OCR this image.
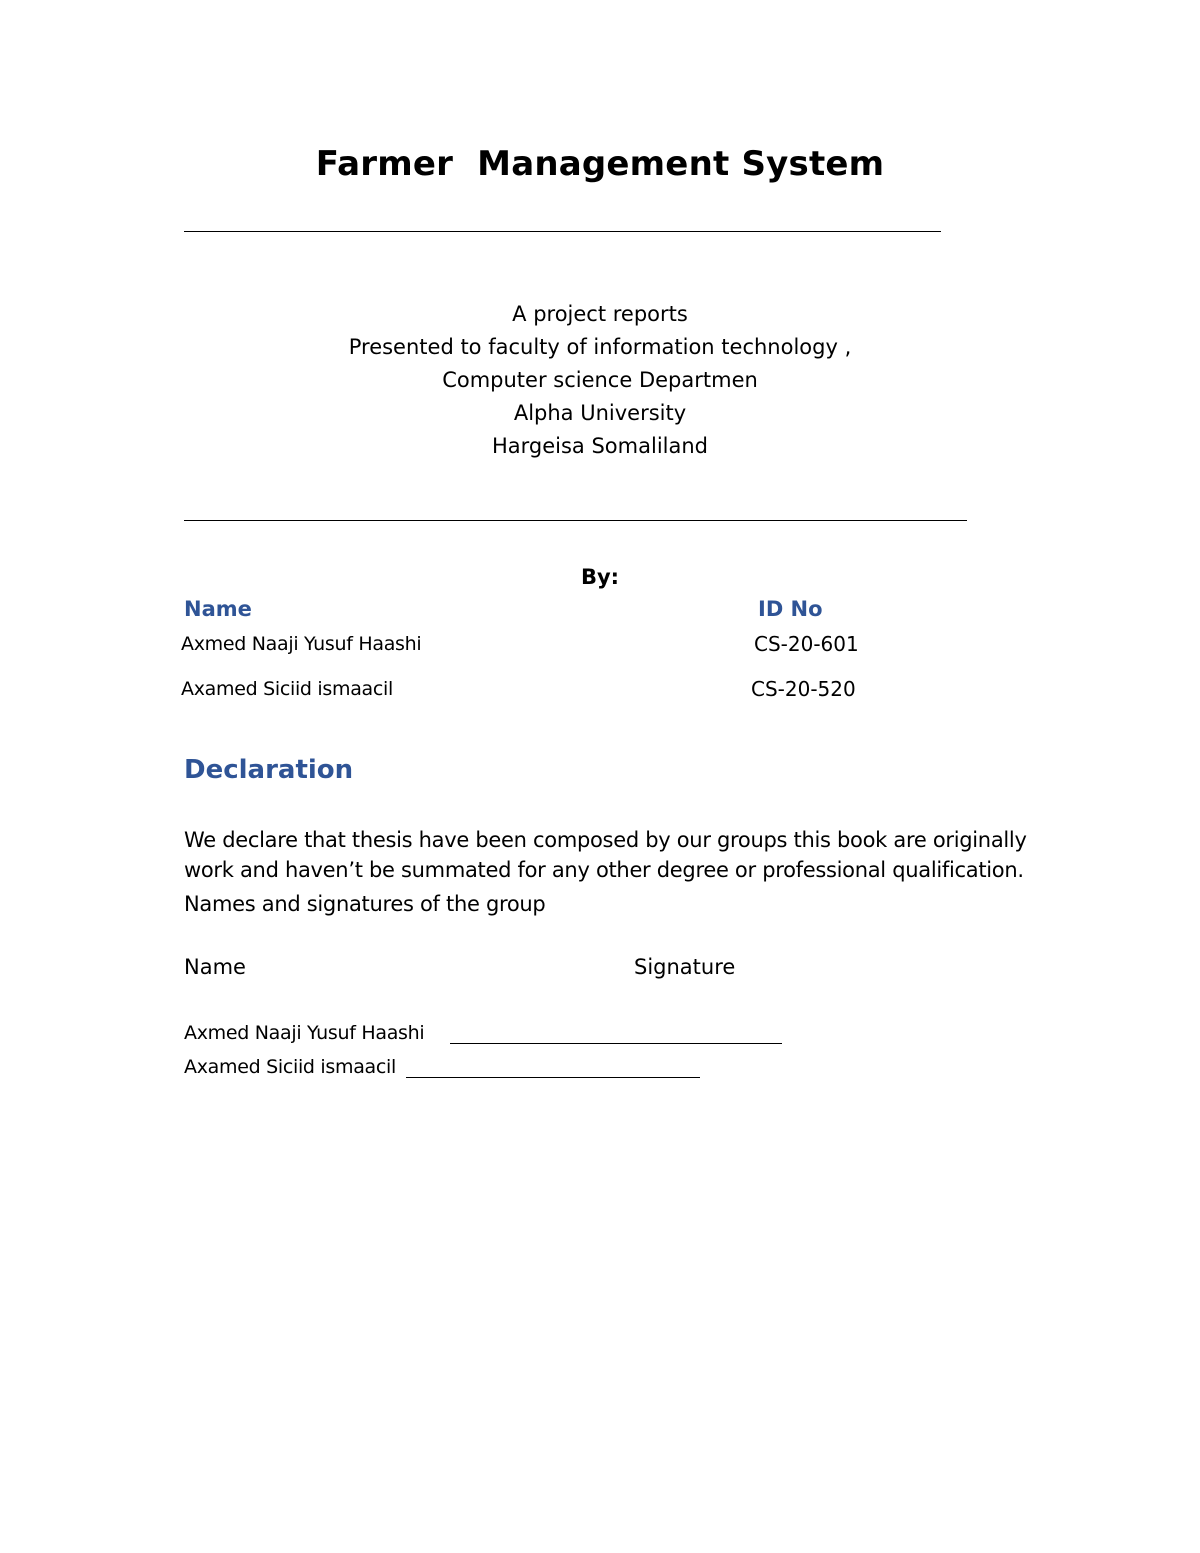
Farmer  Management System
A project reports
Presented to faculty of information technology ,
Computer science Departmen
Alpha University
Hargeisa Somaliland
By:
Name	ID No
Axmed Naaji Yusuf Haashi	CS-20-601
Axamed Siciid ismaacil	CS-20-520
Declaration
We declare that thesis have been composed by our groups this book are originally
work and haven’t be summated for any other degree or professional qualification.
Names and signatures of the group
Name	Signature
Axmed Naaji Yusuf Haashi
Axamed Siciid ismaacil
